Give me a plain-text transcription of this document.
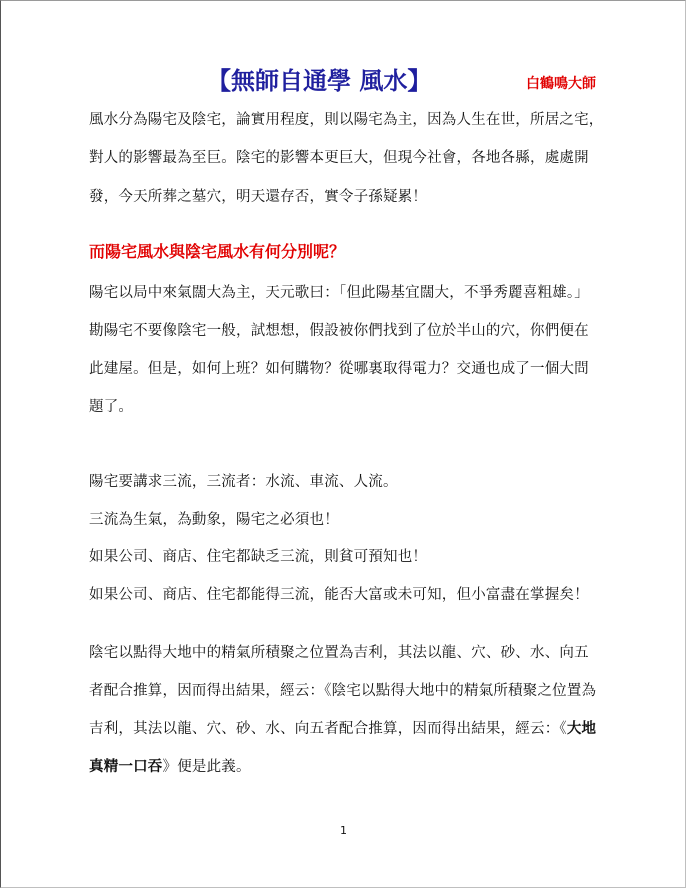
【無師自通學 風水】	白鶴鳴大師
風水分為陽宅及陰宅，論實用程度，則以陽宅為主，因為人生在世，所居之宅，
對人的影響最為至巨。陰宅的影響本更巨大，但現今社會，各地各縣，處處開
發，今天所葬之墓穴，明天還存否，實令子孫疑累！
而陽宅風水與陰宅風水有何分別呢？
陽宅以局中來氣闊大為主，天元歌曰：「但此陽基宜闊大，不爭秀麗喜粗雄。」
勘陽宅不要像陰宅一般，試想想，假設被你們找到了位於半山的穴，你們便在
此建屋。但是，如何上班？如何購物？從哪裏取得電力？交通也成了一個大問
題了。
陽宅要講求三流，三流者：水流、車流、人流。
三流為生氣，為動象，陽宅之必須也！
如果公司、商店、住宅都缺乏三流，則貧可預知也！
如果公司、商店、住宅都能得三流，能否大富或未可知，但小富盡在掌握矣！
陰宅以點得大地中的精氣所積聚之位置為吉利，其法以龍、穴、砂、水、向五
者配合推算，因而得出結果，經云：《陰宅以點得大地中的精氣所積聚之位置為
吉利，其法以龍、穴、砂、水、向五者配合推算，因而得出結果，經云：《大地
真精一口吞》便是此義。
1
